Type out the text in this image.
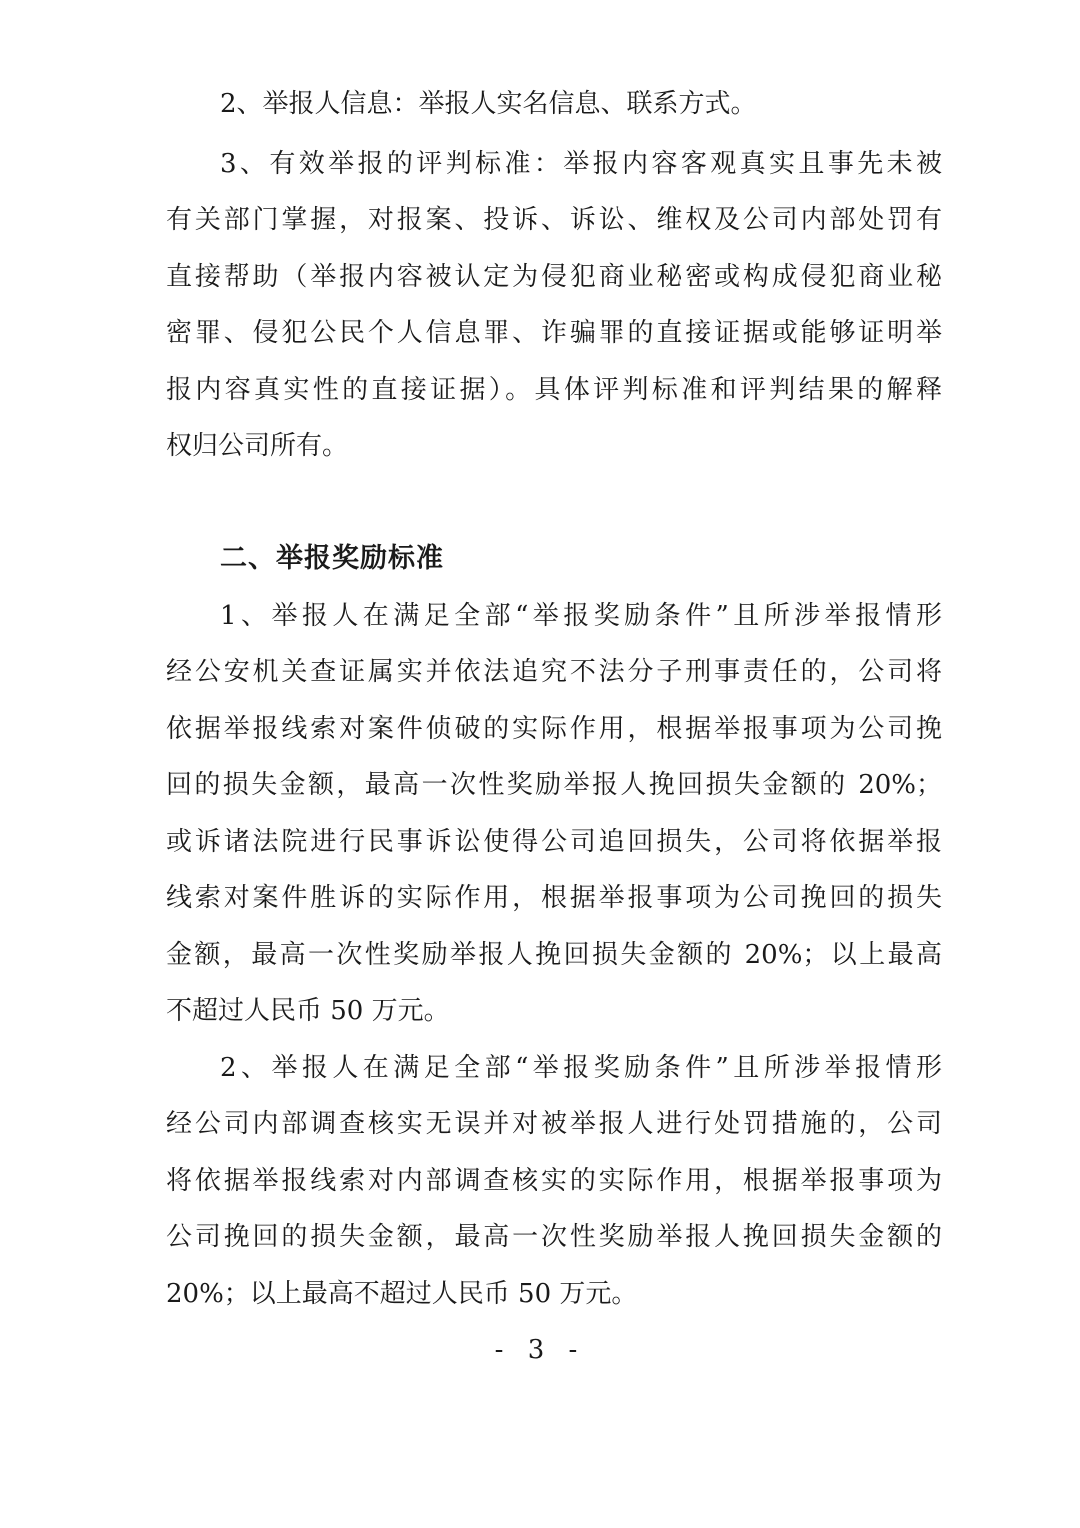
2、举报人信息：举报人实名信息、联系方式。
3、有效举报的评判标准：举报内容客观真实且事先未被
有关部门掌握，对报案、投诉、诉讼、维权及公司内部处罚有
直接帮助（举报内容被认定为侵犯商业秘密或构成侵犯商业秘
密罪、侵犯公民个人信息罪、诈骗罪的直接证据或能够证明举
报内容真实性的直接证据）。具体评判标准和评判结果的解释
权归公司所有。
二、举报奖励标准
1、举报人在满足全部“举报奖励条件”且所涉举报情形
经公安机关查证属实并依法追究不法分子刑事责任的，公司将
依据举报线索对案件侦破的实际作用，根据举报事项为公司挽
回的损失金额，最高一次性奖励举报人挽回损失金额的 20%；
或诉诸法院进行民事诉讼使得公司追回损失，公司将依据举报
线索对案件胜诉的实际作用，根据举报事项为公司挽回的损失
金额，最高一次性奖励举报人挽回损失金额的 20%；以上最高
不超过人民币 50 万元。
2、举报人在满足全部“举报奖励条件”且所涉举报情形
经公司内部调查核实无误并对被举报人进行处罚措施的，公司
将依据举报线索对内部调查核实的实际作用，根据举报事项为
公司挽回的损失金额，最高一次性奖励举报人挽回损失金额的
20%；以上最高不超过人民币 50 万元。
- 3 -
